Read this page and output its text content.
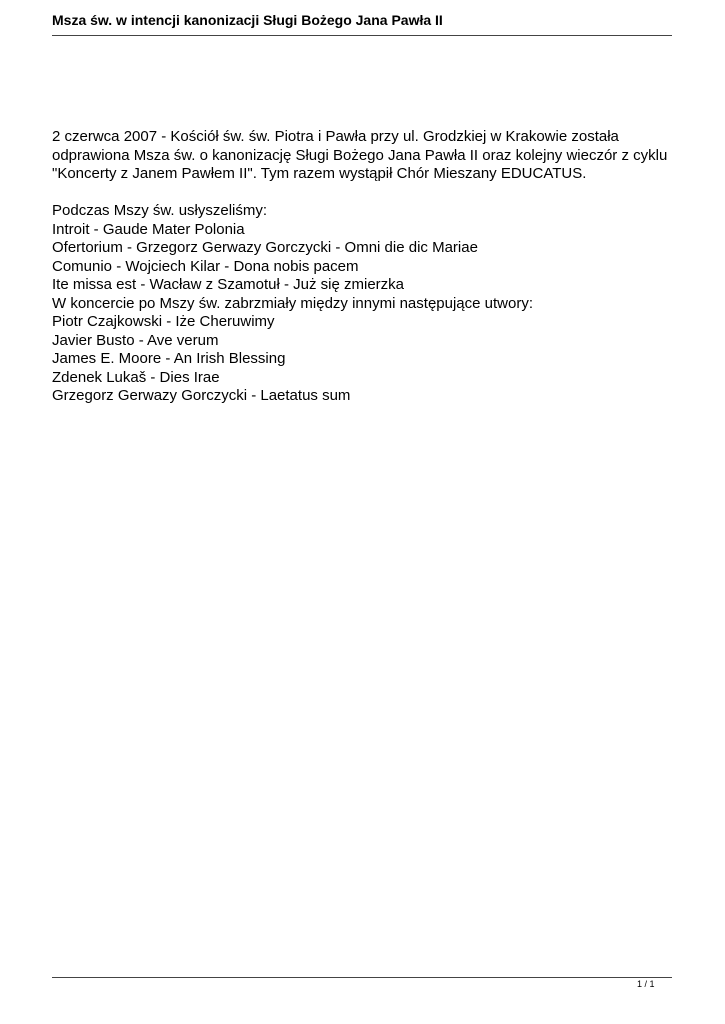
Msza św. w intencji kanonizacji Sługi Bożego Jana Pawła II
2 czerwca 2007 - Kościół św. św. Piotra i Pawła przy ul. Grodzkiej w Krakowie została
odprawiona Msza św. o kanonizację Sługi Bożego Jana Pawła II oraz kolejny wieczór z cyklu
"Koncerty z Janem Pawłem II". Tym razem wystąpił Chór Mieszany EDUCATUS.
Podczas Mszy św. usłyszeliśmy:
Introit - Gaude Mater Polonia
Ofertorium - Grzegorz Gerwazy Gorczycki - Omni die dic Mariae
Comunio - Wojciech Kilar - Dona nobis pacem
Ite missa est - Wacław z Szamotuł - Już się zmierzka
W koncercie po Mszy św. zabrzmiały między innymi następujące utwory:
Piotr Czajkowski - Iże Cheruwimy
Javier Busto - Ave verum
James E. Moore - An Irish Blessing
Zdenek Lukaš - Dies Irae
Grzegorz Gerwazy Gorczycki - Laetatus sum
1 / 1
